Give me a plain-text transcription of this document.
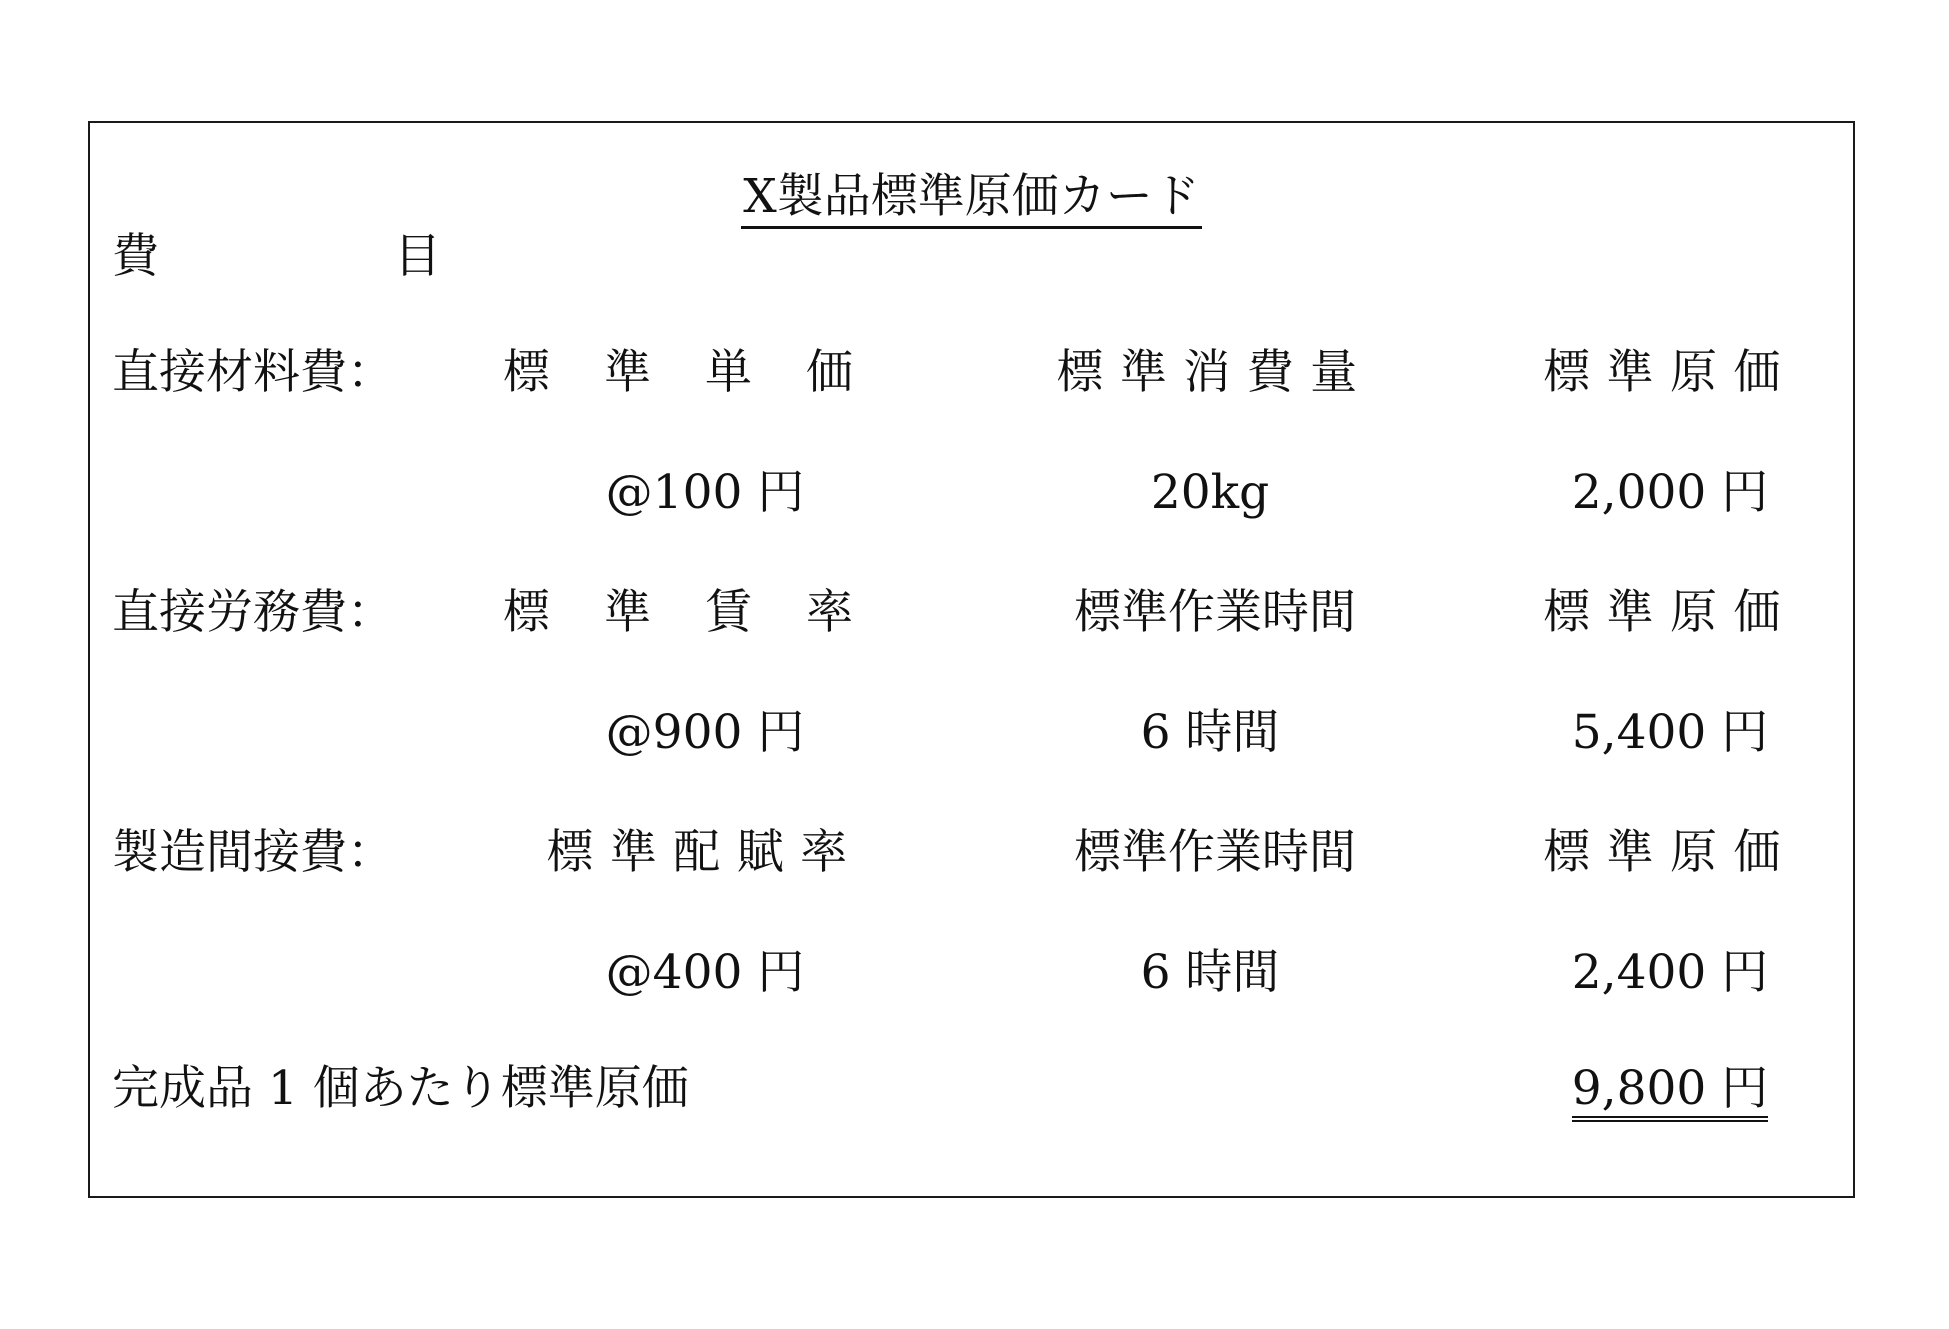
X製品標準原価カード
費　　　　　目
直接材料費： 標準単価	標準消費量	標準原価
@100 円	20kg	2,000 円
直接労務費： 標準賃率	標準作業時間	標準原価
@900 円	6 時間	5,400 円
製造間接費：	標準配賦率	標準作業時間	標準原価
@400 円	6 時間	2,400 円
完成品 1 個あたり標準原価	9,800 円
